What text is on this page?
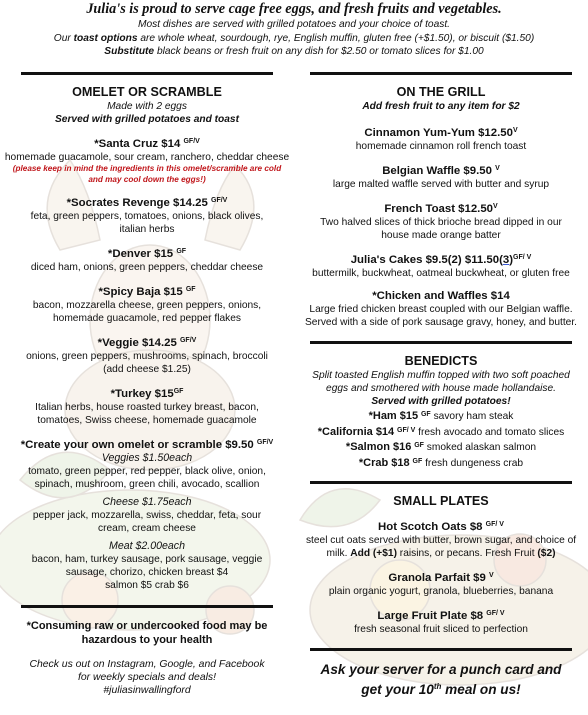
Julia's is proud to serve cage free eggs, and fresh fruits and vegetables.
Most dishes are served with grilled potatoes and your choice of toast.
Our toast options are whole wheat, sourdough, rye, English muffin, gluten free (+$1.50), or biscuit ($1.50)
Substitute black beans or fresh fruit on any dish for $2.50 or tomato slices for $1.00
OMELET OR SCRAMBLE
Made with 2 eggs
Served with grilled potatoes and toast
*Santa Cruz $14 $^{GF/V}$
homemade guacamole, sour cream, ranchero, cheddar cheese
(please keep in mind the ingredients in this omelet/scramble are cold and may cool down the eggs!)
*Socrates Revenge $14.25 $^{GF/V}$
feta, green peppers, tomatoes, onions, black olives, italian herbs
*Denver $15 $^{GF}$
diced ham, onions, green peppers, cheddar cheese
*Spicy Baja $15 $^{GF}$
bacon, mozzarella cheese, green peppers, onions, homemade guacamole, red pepper flakes
*Veggie $14.25 $^{GF/V}$
onions, green peppers, mushrooms, spinach, broccoli (add cheese $1.25)
*Turkey $\$15^{GF}$
Italian herbs, house roasted turkey breast, bacon, tomatoes, Swiss cheese, homemade guacamole
*Create your own omelet or scramble $9.50 $^{GF/V}$
Veggies $1.50each
tomato, green pepper, red pepper, black olive, onion, spinach, mushroom, green chili, avocado, scallion
Cheese $1.75each
pepper jack, mozzarella, swiss, cheddar, feta, sour cream, cream cheese
Meat $2.00each
bacon, ham, turkey sausage, pork sausage, veggie sausage, chorizo, chicken breast $4
salmon $5 crab $6
*Consuming raw or undercooked food may be hazardous to your health
Check us out on Instagram, Google, and Facebook
for weekly specials and deals!
#juliasinwallingford
ON THE GRILL
Add fresh fruit to any item for $2
Cinnamon Yum-Yum $\$12.50^V$
homemade cinnamon roll french toast
Belgian Waffle $9.50 $^V$
large malted waffle served with butter and syrup
French Toast $\$12.50^V$
Two halved slices of thick brioche bread dipped in our house made orange batter
Julia's Cakes $9.5(2) $\$11.50(3)^{GF/ V}$
buttermilk, buckwheat, oatmeal buckwheat, or gluten free
*Chicken and Waffles $14
Large fried chicken breast coupled with our Belgian waffle. Served with a side of pork sausage gravy, honey, and butter.
BENEDICTS
Split toasted English muffin topped with two soft poached eggs and smothered with house made hollandaise.
Served with grilled potatoes!
*Ham $15 $^{GF}$ savory ham steak
*California $14 $^{GF/ V}$ fresh avocado and tomato slices
*Salmon $16 $^{GF}$ smoked alaskan salmon
*Crab $18 $^{GF}$ fresh dungeness crab
SMALL PLATES
Hot Scotch Oats $8 $^{GF/ V}$
steel cut oats served with butter, brown sugar, and choice of milk. Add (+$1) raisins, or pecans. Fresh Fruit ($2)
Granola Parfait $9 $^V$
plain organic yogurt, granola, blueberries, banana
Large Fruit Plate $8 $^{GF/ V}$
fresh seasonal fruit sliced to perfection
Ask your server for a punch card and
get your 10th meal on us!
